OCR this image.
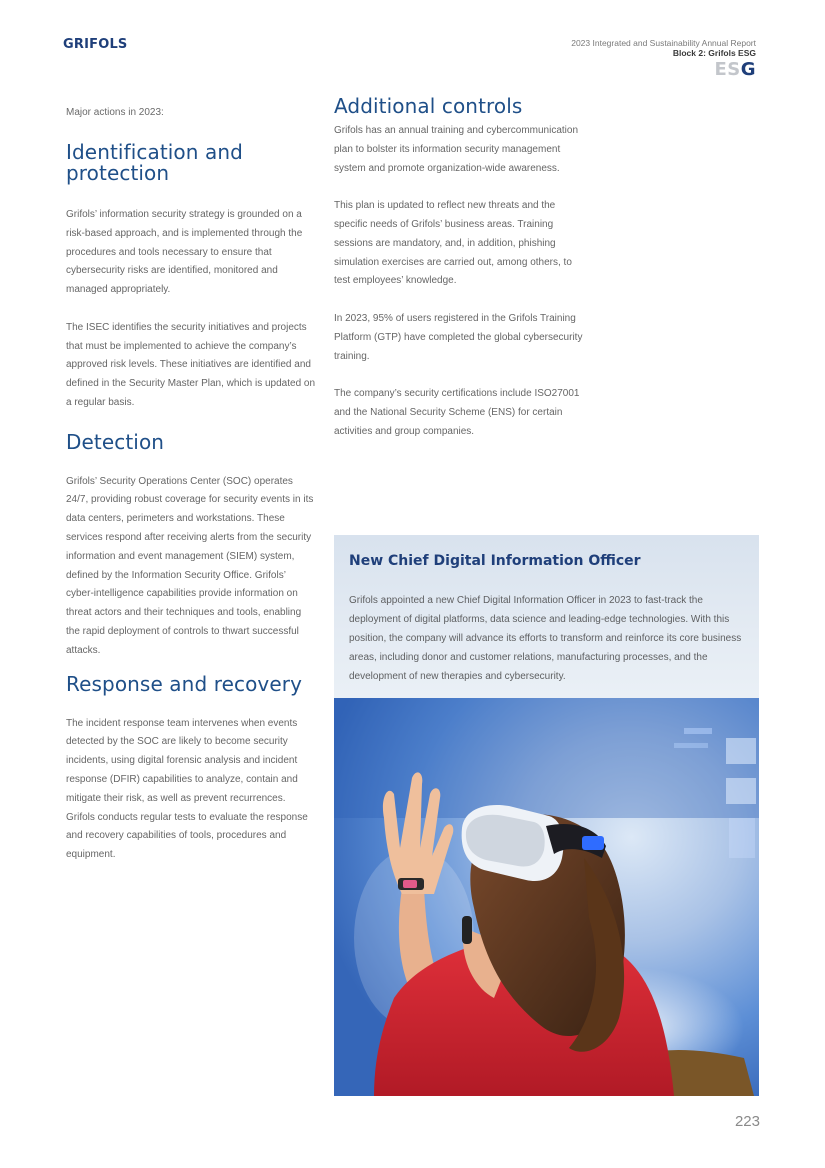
GRIFOLS	2023 Integrated and Sustainability Annual Report
Block 2: Grifols ESG
ESG

Major actions in 2023:

Identification and protection

Grifols’ information security strategy is grounded on a risk-based approach, and is implemented through the procedures and tools necessary to ensure that cybersecurity risks are identified, monitored and managed appropriately.

The ISEC identifies the security initiatives and projects that must be implemented to achieve the company’s approved risk levels. These initiatives are identified and defined in the Security Master Plan, which is updated on a regular basis.

Detection

Grifols’ Security Operations Center (SOC) operates 24/7, providing robust coverage for security events in its data centers, perimeters and workstations. These services respond after receiving alerts from the security information and event management (SIEM) system, defined by the Information Security Office. Grifols’ cyber-intelligence capabilities provide information on threat actors and their techniques and tools, enabling the rapid deployment of controls to thwart successful attacks.

Response and recovery

The incident response team intervenes when events detected by the SOC are likely to become security incidents, using digital forensic analysis and incident response (DFIR) capabilities to analyze, contain and mitigate their risk, as well as prevent recurrences. Grifols conducts regular tests to evaluate the response and recovery capabilities of tools, procedures and equipment.

Additional controls

Grifols has an annual training and cybercommunication plan to bolster its information security management system and promote organization-wide awareness.

This plan is updated to reflect new threats and the specific needs of Grifols’ business areas. Training sessions are mandatory, and, in addition, phishing simulation exercises are carried out, among others, to test employees’ knowledge.

In 2023, 95% of users registered in the Grifols Training Platform (GTP) have completed the global cybersecurity training.

The company’s security certifications include ISO27001 and the National Security Scheme (ENS) for certain activities and group companies.

New Chief Digital Information Officer

Grifols appointed a new Chief Digital Information Officer in 2023 to fast-track the deployment of digital platforms, data science and leading-edge technologies. With this position, the company will advance its efforts to transform and reinforce its core business areas, including donor and customer relations, manufacturing processes, and the development of new therapies and cybersecurity.

223
